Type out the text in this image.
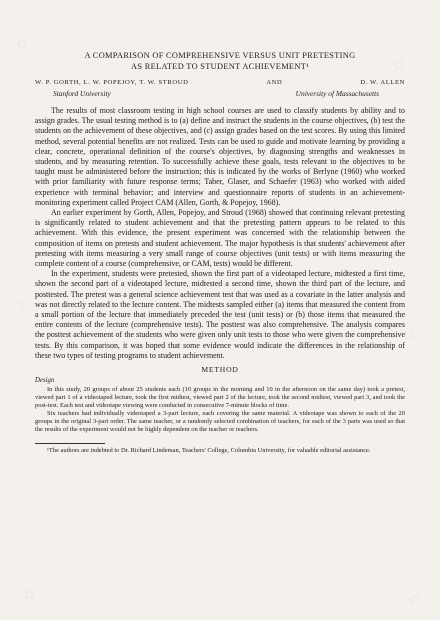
▢
▢
▢
▢
▢	▢
A COMPARISON OF COMPREHENSIVE VERSUS UNIT PRETESTING
AS RELATED TO STUDENT ACHIEVEMENT¹
W. P. GORTH, L. W. POPEJOY, T. W. STROUD	AND	D. W. ALLEN
Stanford University	University of Massachusetts

The results of most classroom testing in high school courses are used to classify students by ability and to assign grades. The usual testing method is to (a) define and instruct the students in the course objectives, (b) test the students on the achievement of these objectives, and (c) assign grades based on the test scores. By using this limited method, several potential benefits are not realized. Tests can be used to guide and motivate learning by providing a clear, concrete, operational definition of the course's objectives, by diagnosing strengths and weaknesses in students, and by measuring retention. To successfully achieve these goals, tests relevant to the objectives to be taught must be administered before the instruction; this is indicated by the works of Berlyne (1960) who worked with prior familiarity with future response terms; Taber, Glaser, and Schaefer (1963) who worked with aided experience with terminal behavior; and interview and questionnaire reports of students in an achievement-monitoring experiment called Project CAM (Allen, Gorth, & Popejoy, 1968).

An earlier experiment by Gorth, Allen, Popejoy, and Stroud (1968) showed that continuing relevant pretesting is significantly related to student achievement and that the pretesting pattern appears to be related to this achievement. With this evidence, the present experiment was concerned with the relationship between the composition of items on pretests and student achievement. The major hypothesis is that students' achievement after pretesting with items measuring a very small range of course objectives (unit tests) or with items measuring the complete content of a course (comprehensive, or CAM, tests) would be different.

In the experiment, students were pretested, shown the first part of a videotaped lecture, midtested a first time, shown the second part of a videotaped lecture, midtested a second time, shown the third part of the lecture, and posttested. The pretest was a general science achievement test that was used as a covariate in the latter analysis and was not directly related to the lecture content. The midtests sampled either (a) items that measured the content from a small portion of the lecture that immediately preceded the test (unit tests) or (b) those items that measured the entire contents of the lecture (comprehensive tests). The posttest was also comprehensive. The analysis compares the posttest achievement of the students who were given only unit tests to those who were given the comprehensive tests. By this comparison, it was hoped that some evidence would indicate the differences in the relationship of these two types of testing programs to student achievement.

METHOD

Design

In this study, 20 groups of about 25 students each (10 groups in the morning and 10 in the afternoon on the same day) took a pretest, viewed part 1 of a videotaped lecture, took the first midtest, viewed part 2 of the lecture, took the second midtest, viewed part 3, and took the post-test. Each test and videotape viewing were conducted in consecutive 7-minute blocks of time.

Six teachers had individually videotaped a 3-part lecture, each covering the same material. A videotape was shown to each of the 20 groups in the original 3-part order. The same teacher, or a randomly selected combination of teachers, for each of the 3 parts was used so that the results of the experiment would not be highly dependent on the teacher or teachers.

¹The authors are indebted to Dr. Richard Lindeman, Teachers' College, Columbia University, for valuable editorial assistance.
